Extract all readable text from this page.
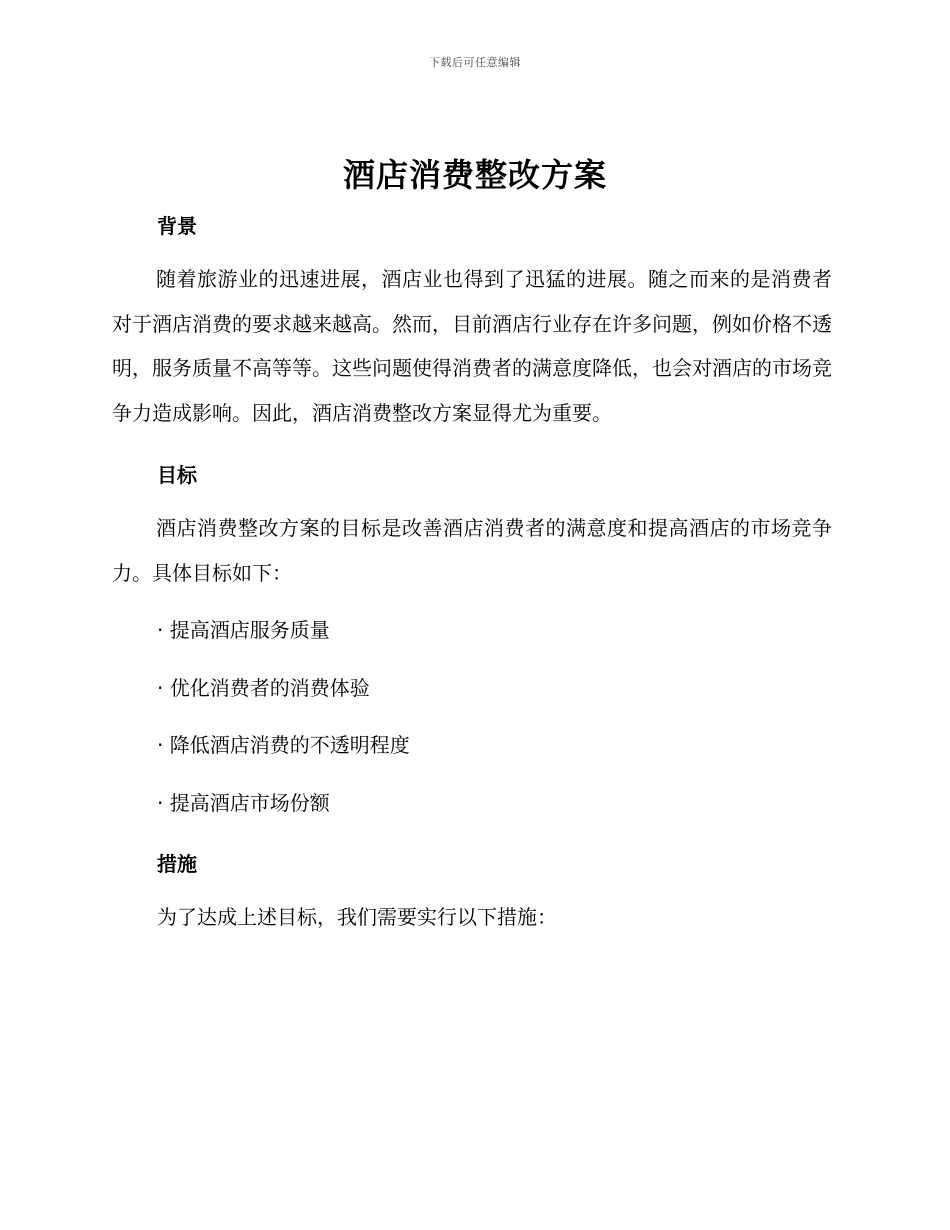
下载后可任意编辑
酒店消费整改方案
背景

随着旅游业的迅速进展，酒店业也得到了迅猛的进展。随之而来的是消费者对于酒店消费的要求越来越高。然而，目前酒店行业存在许多问题，例如价格不透明，服务质量不高等等。这些问题使得消费者的满意度降低，也会对酒店的市场竞争力造成影响。因此，酒店消费整改方案显得尤为重要。

目标

酒店消费整改方案的目标是改善酒店消费者的满意度和提高酒店的市场竞争力。具体目标如下：

· 提高酒店服务质量
· 优化消费者的消费体验
· 降低酒店消费的不透明程度
· 提高酒店市场份额
措施

为了达成上述目标，我们需要实行以下措施：
